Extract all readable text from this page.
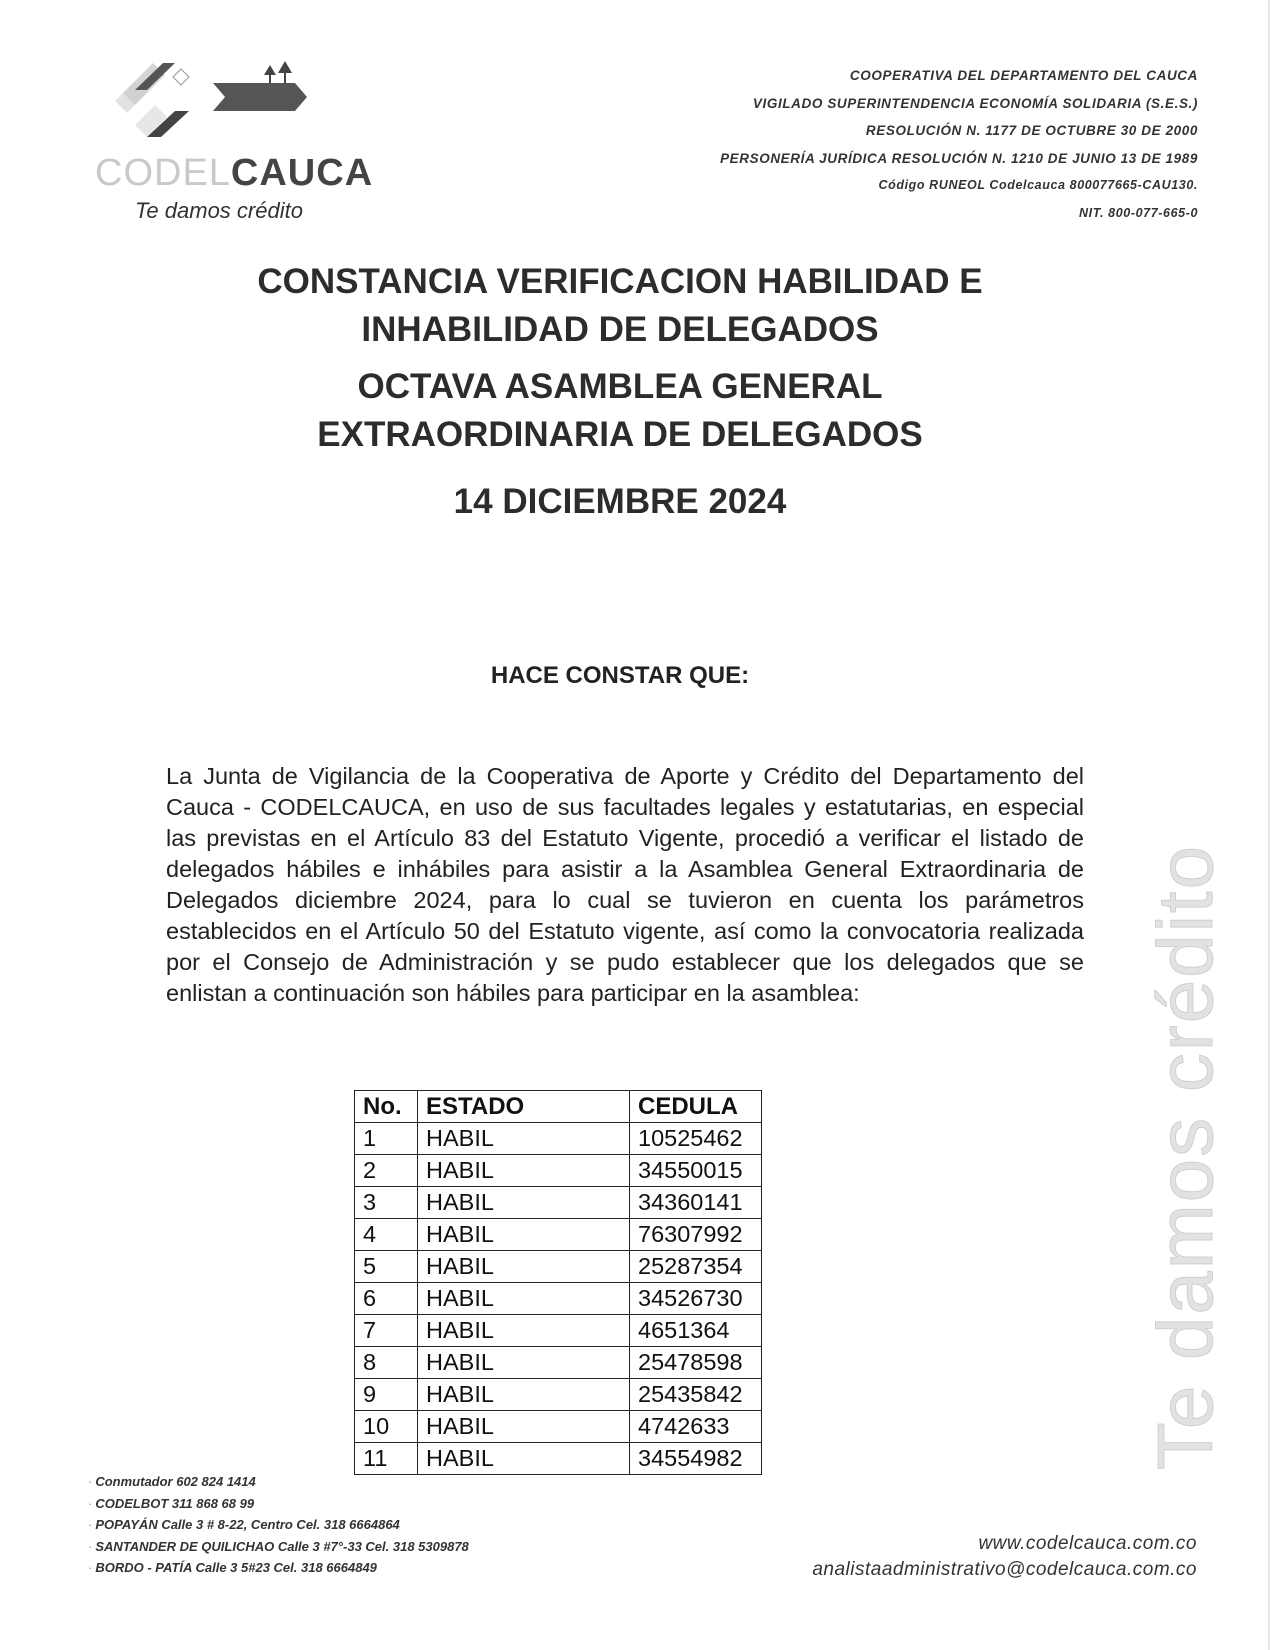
CODELCAUCA
Te damos crédito
COOPERATIVA DEL DEPARTAMENTO DEL CAUCA
VIGILADO SUPERINTENDENCIA ECONOMÍA SOLIDARIA (S.E.S.)
RESOLUCIÓN N. 1177 DE OCTUBRE 30 DE 2000
PERSONERÍA JURÍDICA RESOLUCIÓN N. 1210 DE JUNIO 13 DE 1989
Código RUNEOL Codelcauca 800077665-CAU130.
NIT. 800-077-665-0
CONSTANCIA VERIFICACION HABILIDAD E
INHABILIDAD DE DELEGADOS
OCTAVA ASAMBLEA GENERAL
EXTRAORDINARIA DE DELEGADOS
14 DICIEMBRE 2024
HACE CONSTAR QUE:
La Junta de Vigilancia de la Cooperativa de Aporte y Crédito del Departamento del Cauca - CODELCAUCA, en uso de sus facultades legales y estatutarias, en especial las previstas en el Artículo 83 del Estatuto Vigente, procedió a verificar el listado de delegados hábiles e inhábiles para asistir a la Asamblea General Extraordinaria de Delegados diciembre 2024, para lo cual se tuvieron en cuenta los parámetros establecidos en el Artículo 50 del Estatuto vigente, así como la convocatoria realizada por el Consejo de Administración y se pudo establecer que los delegados que se enlistan a continuación son hábiles para participar en la asamblea:
No.	ESTADO	CEDULA
1	HABIL	10525462
2	HABIL	34550015
3	HABIL	34360141
4	HABIL	76307992
5	HABIL	25287354
6	HABIL	34526730
7	HABIL	4651364
8	HABIL	25478598
9	HABIL	25435842
10	HABIL	4742633
11	HABIL	34554982	Te damos crédito
· Conmutador 602 824 1414
· CODELBOT 311 868 68 99
· POPAYÁN Calle 3 # 8-22, Centro Cel. 318 6664864
· SANTANDER DE QUILICHAO Calle 3 #7°-33 Cel. 318 5309878
· BORDO - PATÍA Calle 3 5#23 Cel. 318 6664849
www.codelcauca.com.co
analistaadministrativo@codelcauca.com.co
